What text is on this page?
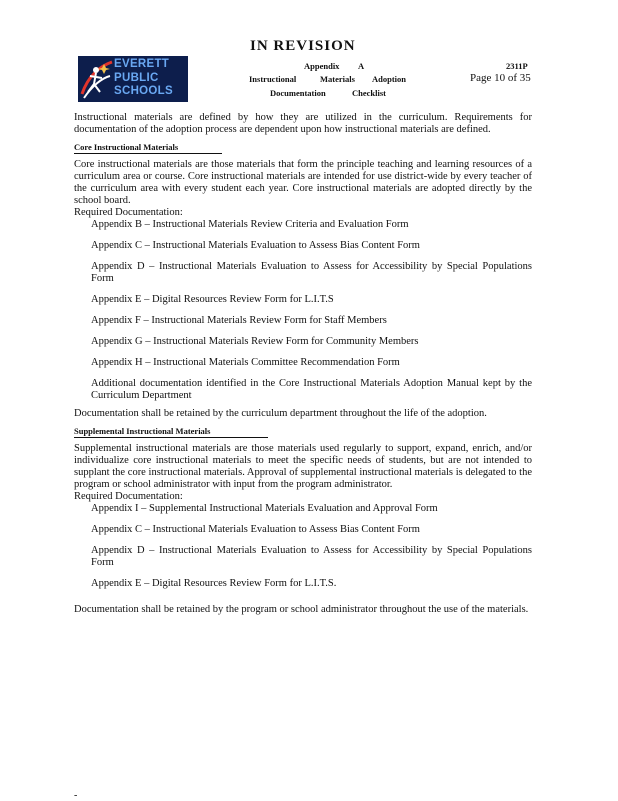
IN REVISION
EVERETT
PUBLIC
SCHOOLS
Appendix A	2311P
Instructional	Materials Adoption
Documentation	Checklist
Page 10 of 35

Instructional materials are defined by how they are utilized in the curriculum. Requirements for documentation of the adoption process are dependent upon how instructional materials are defined.

Core Instructional Materials

Core instructional materials are those materials that form the principle teaching and learning resources of a curriculum area or course. Core instructional materials are intended for use district-wide by every teacher of the curriculum area with every student each year. Core instructional materials are adopted directly by the school board.

Required Documentation:

Appendix B – Instructional Materials Review Criteria and Evaluation Form
Appendix C – Instructional Materials Evaluation to Assess Bias Content Form
Appendix D – Instructional Materials Evaluation to Assess for Accessibility by Special Populations Form
Appendix E – Digital Resources Review Form for L.I.T.S
Appendix F – Instructional Materials Review Form for Staff Members
Appendix G – Instructional Materials Review Form for Community Members
Appendix H – Instructional Materials Committee Recommendation Form
Additional documentation identified in the Core Instructional Materials Adoption Manual kept by the Curriculum Department

Documentation shall be retained by the curriculum department throughout the life of the adoption.

Supplemental Instructional Materials

Supplemental instructional materials are those materials used regularly to support, expand, enrich, and/or individualize core instructional materials to meet the specific needs of students, but are not intended to supplant the core instructional materials. Approval of supplemental instructional materials is delegated to the program or school administrator with input from the program administrator.

Required Documentation:

Appendix I – Supplemental Instructional Materials Evaluation and Approval Form
Appendix C – Instructional Materials Evaluation to Assess Bias Content Form
Appendix D – Instructional Materials Evaluation to Assess for Accessibility by Special Populations Form
Appendix E – Digital Resources Review Form for L.I.T.S.

Documentation shall be retained by the program or school administrator throughout the use of the materials.

-
